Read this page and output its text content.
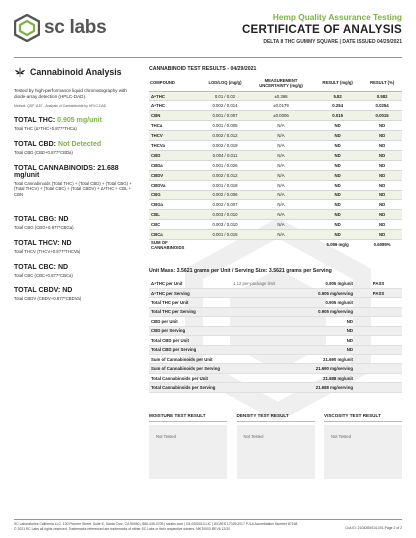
sc labs	Hemp Quality Assurance Testing
CERTIFICATE OF ANALYSIS
DELTA 8 THC GUMMY SQUARE | DATE ISSUED 04/29/2021
Cannabinoid Analysis
Tested by high-performance liquid chromatography with diode-array detection (HPLC-DAD).
Method: QSP 1157 - Analysis of Cannabinoids by HPLC-DAD
TOTAL THC: 0.905 mg/unit
Total THC (Δ⁹THC+0.877*THCa)
TOTAL CBD: Not Detected
Total CBD (CBD+0.877*CBDa)
TOTAL CANNABINOIDS: 21.688 mg/unit
Total Cannabinoids (Total THC) + (Total CBD) + (Total CBG) + (Total THCV) + (Total CBC) + (Total CBDV) + Δ⁸THC + CBL + CBN
TOTAL CBG: ND
Total CBG (CBG+0.877*CBGa)
TOTAL THCV: ND
Total THCV (THCV+0.877*THCVa)
TOTAL CBC: ND
Total CBC (CBC+0.877*CBCa)
TOTAL CBDV: ND
Total CBDV (CBDV+0.877*CBDVa)
CANNABINOID TEST RESULTS - 04/29/2021
COMPOUND	LOD/LOQ (mg/g)	MEASUREMENT UNCERTAINTY (mg/g)	RESULT (mg/g)	RESULT (%)
Δ⁸THC	0.01 / 0.02	±0.368	5.82	0.582
Δ⁹THC	0.002 / 0.014	±0.0179	0.254	0.0254
CBN	0.001 / 0.007	±0.0006	0.015	0.0015
THCa	0.001 / 0.005	N/A	ND	ND
THCV	0.002 / 0.012	N/A	ND	ND
THCVa	0.002 / 0.019	N/A	ND	ND
CBD	0.004 / 0.011	N/A	ND	ND
CBDa	0.001 / 0.026	N/A	ND	ND
CBDV	0.002 / 0.012	N/A	ND	ND
CBDVa	0.001 / 0.018	N/A	ND	ND
CBG	0.002 / 0.006	N/A	ND	ND
CBGa	0.002 / 0.007	N/A	ND	ND
CBL	0.003 / 0.010	N/A	ND	ND
CBC	0.003 / 0.010	N/A	ND	ND
CBCa	0.001 / 0.015	N/A	ND	ND
SUM OF CANNABINOIDS			6.089 mg/g	0.6089%
Unit Mass: 3.5621 grams per Unit / Serving Size: 3.5621 grams per Serving
Δ⁹THC per Unit	1.12 per-package limit	0.905 mg/unit	PASS
Δ⁹THC per Serving		0.905 mg/serving	PASS
Total THC per Unit		0.905 mg/unit	
Total THC per Serving		0.905 mg/serving	
CBD per Unit		ND	
CBD per Serving		ND	
Total CBD per Unit		ND	
Total CBD per Serving		ND	
Sum of Cannabinoids per Unit		21.690 mg/unit	
Sum of Cannabinoids per Serving		21.690 mg/serving	
Total Cannabinoids per Unit		21.688 mg/unit	
Total Cannabinoids per Serving		21.688 mg/serving	
MOISTURE TEST RESULT
Not Tested
DENSITY TEST RESULT
Not Tested
VISCOSITY TEST RESULT
Not Tested
SC Laboratories California LLC. 100 Pioneer Street, Suite E, Santa Cruz, CA 95060 | 866-435-0709 | sclabs.com | C8-0000013-LIC | ISO/IES 17025:2017 PJLA Accreditation Number 87168
© 2021 SC Labs all rights reserved. Trademarks referenced are trademarks of either SC Labs or their respective owners. MKT0003 REV6 12/20	CoA ID: 210428X014-001 Page 2 of 2
